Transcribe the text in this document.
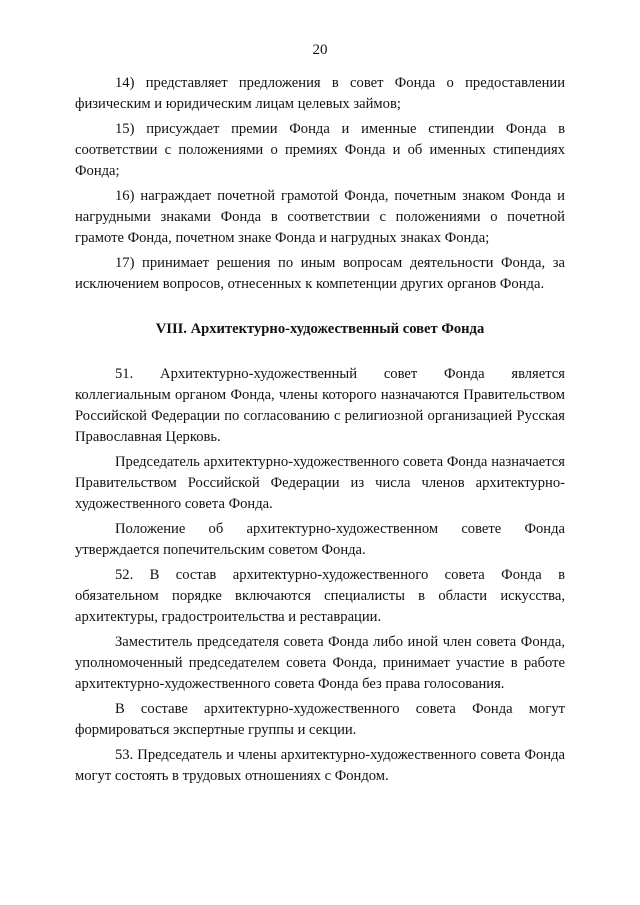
20

14) представляет предложения в совет Фонда о предоставлении физическим и юридическим лицам целевых займов;

15) присуждает премии Фонда и именные стипендии Фонда в соответствии с положениями о премиях Фонда и об именных стипендиях Фонда;

16) награждает почетной грамотой Фонда, почетным знаком Фонда и нагрудными знаками Фонда в соответствии с положениями о почетной грамоте Фонда, почетном знаке Фонда и нагрудных знаках Фонда;

17) принимает решения по иным вопросам деятельности Фонда, за исключением вопросов, отнесенных к компетенции других органов Фонда.

VIII. Архитектурно-художественный совет Фонда

51. Архитектурно-художественный совет Фонда является коллегиальным органом Фонда, члены которого назначаются Правительством Российской Федерации по согласованию с религиозной организацией Русская Православная Церковь.

Председатель архитектурно-художественного совета Фонда назначается Правительством Российской Федерации из числа членов архитектурно-художественного совета Фонда.

Положение об архитектурно-художественном совете Фонда утверждается попечительским советом Фонда.

52. В состав архитектурно-художественного совета Фонда в обязательном порядке включаются специалисты в области искусства, архитектуры, градостроительства и реставрации.

Заместитель председателя совета Фонда либо иной член совета Фонда, уполномоченный председателем совета Фонда, принимает участие в работе архитектурно-художественного совета Фонда без права голосования.

В составе архитектурно-художественного совета Фонда могут формироваться экспертные группы и секции.

53. Председатель и члены архитектурно-художественного совета Фонда могут состоять в трудовых отношениях с Фондом.
